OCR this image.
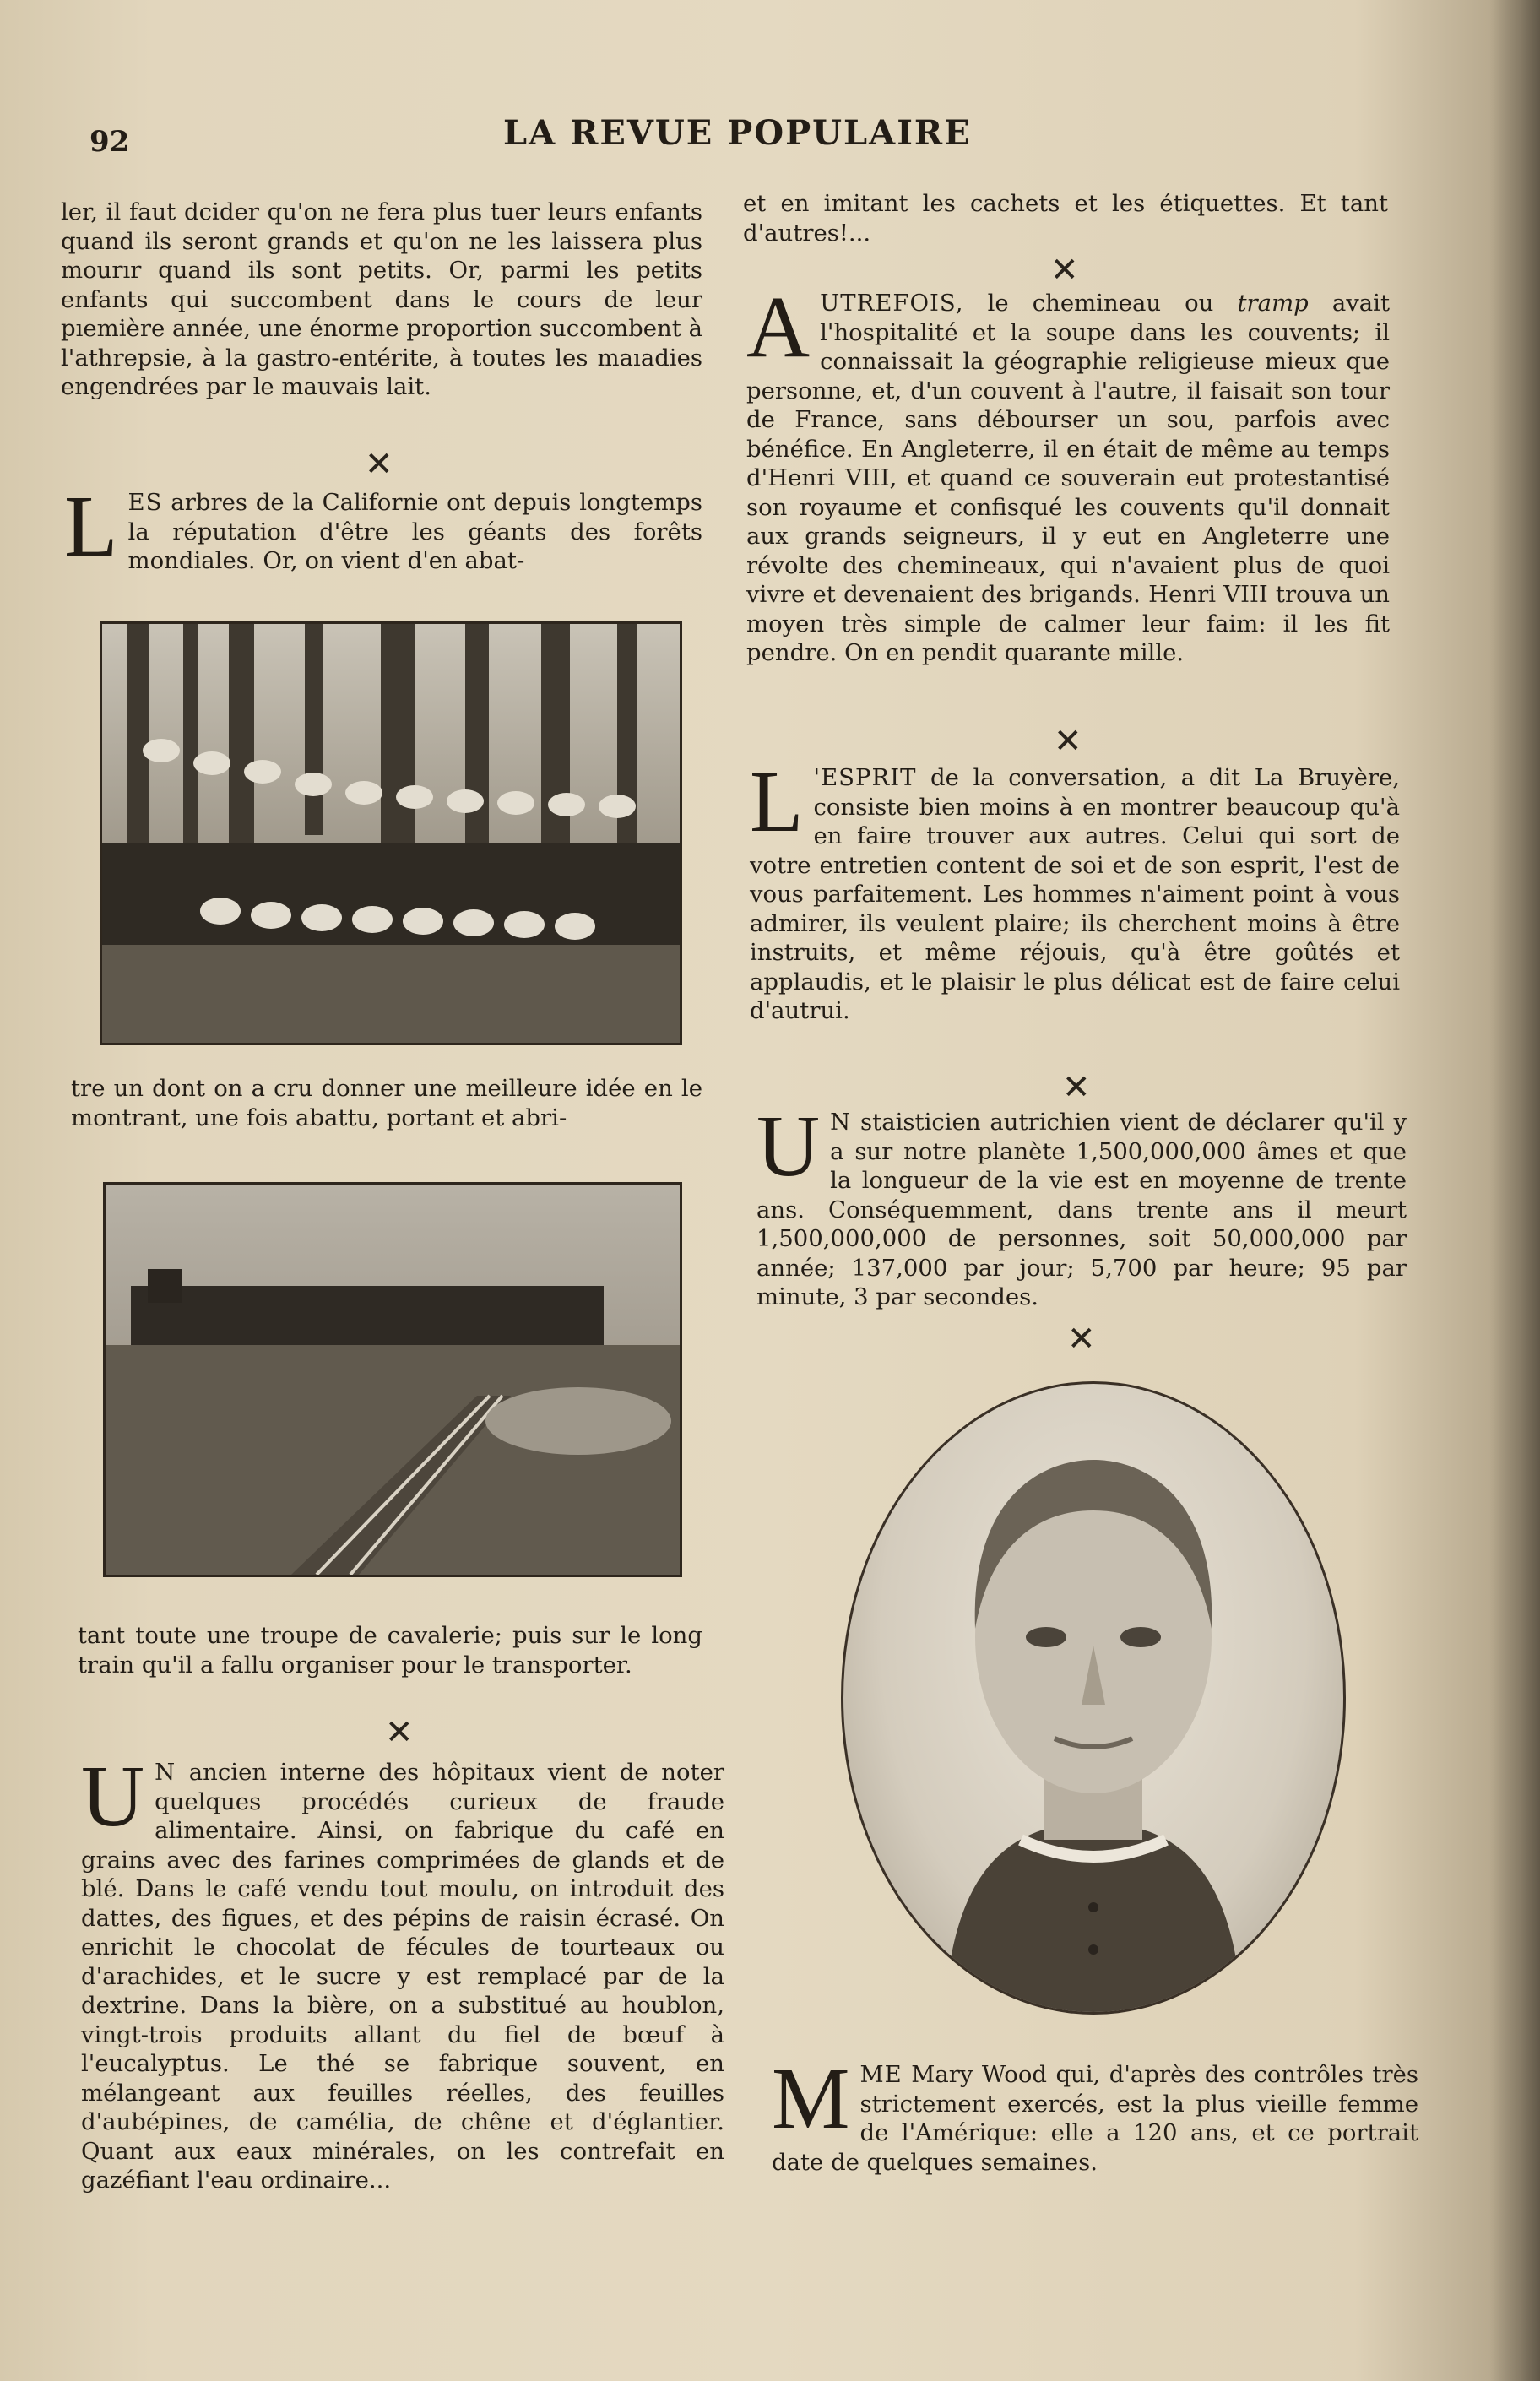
92	LA REVUE POPULAIRE

ler, il faut dcider qu'on ne fera plus tuer leurs enfants quand ils seront grands et qu'on ne les laissera plus mourır quand ils sont petits. Or, parmi les petits enfants qui succombent dans le cours de leur pıemière année, une énorme proportion succombent à l'athrepsie, à la gastro-entérite, à toutes les maıadies engendrées par le mauvais lait.

✕
L ES arbres de la Californie ont depuis longtemps la réputation d'être les géants des forêts mondiales. Or, on vient d'en abat-

tre un dont on a cru donner une meilleure idée en le montrant, une fois abattu, portant et abri-

tant toute une troupe de cavalerie; puis sur le long train qu'il a fallu organiser pour le transporter.

✕
U N ancien interne des hôpitaux vient de noter quelques procédés curieux de fraude alimentaire. Ainsi, on fabrique du café en grains avec des farines comprimées de glands et de blé. Dans le café vendu tout moulu, on introduit des dattes, des figues, et des pépins de raisin écrasé. On enrichit le chocolat de fécules de tourteaux ou d'arachides, et le sucre y est remplacé par de la dextrine. Dans la bière, on a substitué au houblon, vingt-trois produits allant du fiel de bœuf à l'eucalyptus. Le thé se fabrique souvent, en mélangeant aux feuilles réelles, des feuilles d'aubépines, de camélia, de chêne et d'églantier. Quant aux eaux minérales, on les contrefait en gazéfiant l'eau ordinaire...

et en imitant les cachets et les étiquettes. Et tant d'autres!...

✕
A UTREFOIS, le chemineau ou tramp avait l'hospitalité et la soupe dans les couvents; il connaissait la géographie religieuse mieux que personne, et, d'un couvent à l'autre, il faisait son tour de France, sans débourser un sou, parfois avec bénéfice. En Angleterre, il en était de même au temps d'Henri VIII, et quand ce souverain eut protestantisé son royaume et confisqué les couvents qu'il donnait aux grands seigneurs, il y eut en Angleterre une révolte des chemineaux, qui n'avaient plus de quoi vivre et devenaient des brigands. Henri VIII trouva un moyen très simple de calmer leur faim: il les fit pendre. On en pendit quarante mille.

✕
L 'ESPRIT de la conversation, a dit La Bruyère, consiste bien moins à en montrer beaucoup qu'à en faire trouver aux autres. Celui qui sort de votre entretien content de soi et de son esprit, l'est de vous parfaitement. Les hommes n'aiment point à vous admirer, ils veulent plaire; ils cherchent moins à être instruits, et même réjouis, qu'à être goûtés et applaudis, et le plaisir le plus délicat est de faire celui d'autrui.

✕
U N staisticien autrichien vient de déclarer qu'il y a sur notre planète 1,500,000,000 âmes et que la longueur de la vie est en moyenne de trente ans. Conséquemment, dans trente ans il meurt 1,500,000,000 de personnes, soit 50,000,000 par année; 137,000 par jour; 5,700 par heure; 95 par minute, 3 par secondes.

✕
M ME Mary Wood qui, d'après des contrôles très strictement exercés, est la plus vieille femme de l'Amérique: elle a 120 ans, et ce portrait date de quelques semaines.
